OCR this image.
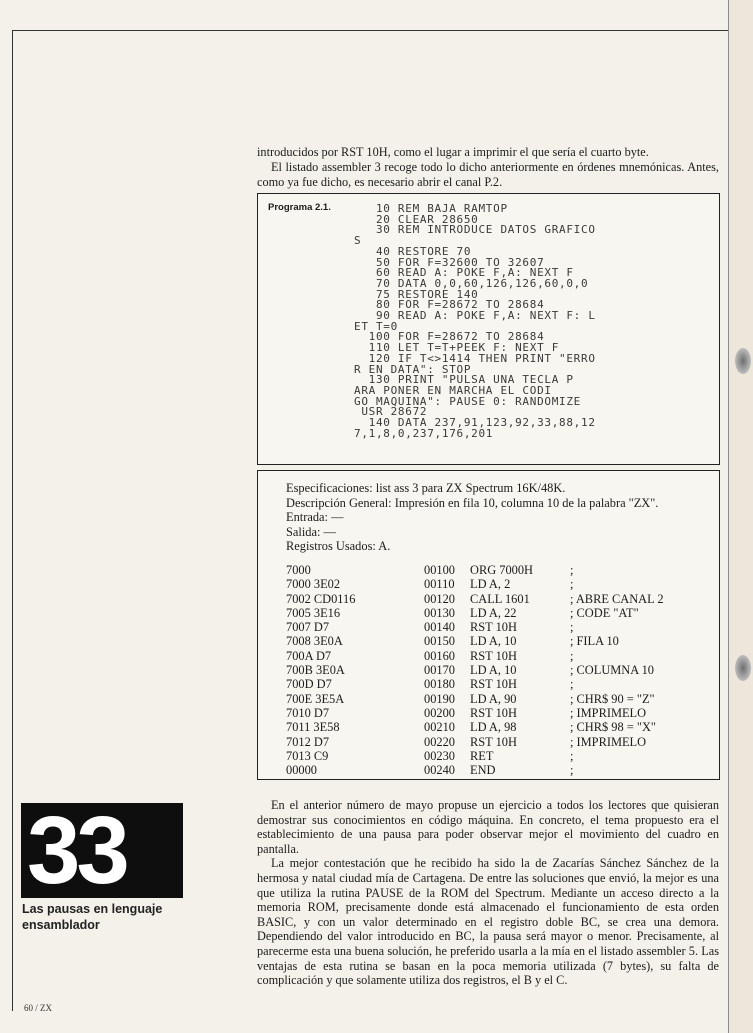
introducidos por RST 10H, como el lugar a imprimir el que sería el cuarto byte.

El listado assembler 3 recoge todo lo dicho anteriormente en órdenes mnemónicas. Antes, como ya fue dicho, es necesario abrir el canal P.2.

Programa 2.1. 10 REM BAJA RAMTOP
20 CLEAR 28650
30 REM INTRODUCE DATOS GRAFICO
S
40 RESTORE 70
50 FOR F=32600 TO 32607
60 READ A: POKE F,A: NEXT F
70 DATA 0,0,60,126,126,60,0,0
75 RESTORE 140
80 FOR F=28672 TO 28684
90 READ A: POKE F,A: NEXT F: L
ET T=0
100 FOR F=28672 TO 28684
110 LET T=T+PEEK F: NEXT F
120 IF T<>1414 THEN PRINT "ERRO
R EN DATA": STOP
130 PRINT "PULSA UNA TECLA P
ARA PONER EN MARCHA EL CODI
GO MAQUINA": PAUSE 0: RANDOMIZE
USR 28672
140 DATA 237,91,123,92,33,88,12
7,1,8,0,237,176,201
Especificaciones: list ass 3 para ZX Spectrum 16K/48K.
Descripción General: Impresión en fila 10, columna 10 de la palabra "ZX".
Entrada: —
Salida: —
Registros Usados: A.
7000	00100 ORG 7000H	;
7000 3E02	00110 LD A, 2	;
7002 CD0116	00120 CALL 1601	; ABRE CANAL 2
7005 3E16	00130 LD A, 22	; CODE "AT"
7007 D7	00140 RST 10H	;
7008 3E0A	00150 LD A, 10	; FILA 10
700A D7	00160 RST 10H	;
700B 3E0A	00170 LD A, 10	; COLUMNA 10
700D D7	00180 RST 10H	;
700E 3E5A	00190 LD A, 90	; CHR$ 90 = "Z"
7010 D7	00200 RST 10H	; IMPRIMELO
7011 3E58	00210 LD A, 98	; CHR$ 98 = "X"
7012 D7	00220 RST 10H	; IMPRIMELO
7013 C9	00230 RET	;
00000	00240 END	;
33
Las pausas en lenguaje ensamblador

En el anterior número de mayo propuse un ejercicio a todos los lectores que quisieran demostrar sus conocimientos en código máquina. En concreto, el tema propuesto era el establecimiento de una pausa para poder observar mejor el movimiento del cuadro en pantalla.

La mejor contestación que he recibido ha sido la de Zacarías Sánchez Sánchez de la hermosa y natal ciudad mía de Cartagena. De entre las soluciones que envió, la mejor es una que utiliza la rutina PAUSE de la ROM del Spectrum. Mediante un acceso directo a la memoria ROM, precisamente donde está almacenado el funcionamiento de esta orden BASIC, y con un valor determinado en el registro doble BC, se crea una demora. Dependiendo del valor introducido en BC, la pausa será mayor o menor. Precisamente, al parecerme esta una buena solución, he preferido usarla a la mía en el listado assembler 5. Las ventajas de esta rutina se basan en la poca memoria utilizada (7 bytes), su falta de complicación y que solamente utiliza dos registros, el B y el C.

60 / ZX
